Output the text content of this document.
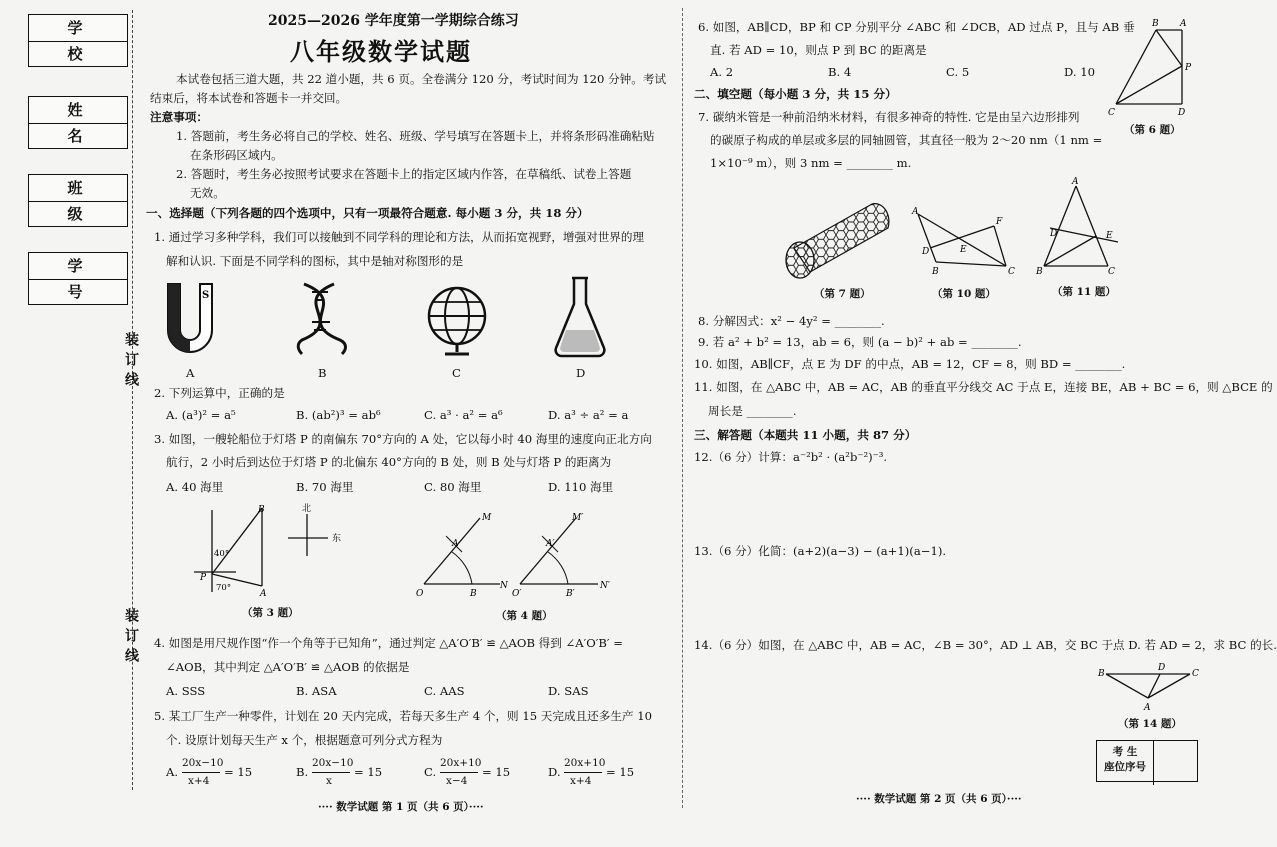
学 校
姓 名
班 级
学 号
装订线
装订线
2025—2026 学年度第一学期综合练习
八年级数学试题
本试卷包括三道大题，共 22 道小题，共 6 页。全卷满分 120 分，考试时间为 120 分钟。考试
结束后，将本试卷和答题卡一并交回。
注意事项：
1. 答题前，考生务必将自己的学校、姓名、班级、学号填写在答题卡上，并将条形码准确粘贴
在条形码区域内。
2. 答题时，考生务必按照考试要求在答题卡上的指定区域内作答，在草稿纸、试卷上答题
无效。
一、选择题（下列各题的四个选项中，只有一项最符合题意. 每小题 3 分，共 18 分）
1. 通过学习多种学科，我们可以接触到不同学科的理论和方法，从而拓宽视野，增强对世界的理
解和认识. 下面是不同学科的图标，其中是轴对称图形的是
S
A	B	C	D
2. 下列运算中，正确的是
A. (a³)² = a⁵	B. (ab²)³ = ab⁶	C. a³ · a² = a⁶	D. a³ ÷ a² = a
3. 如图，一艘轮船位于灯塔 P 的南偏东 70°方向的 A 处，它以每小时 40 海里的速度向正北方向
航行，2 小时后到达位于灯塔 P 的北偏东 40°方向的 B 处，则 B 处与灯塔 P 的距离为
A. 40 海里	B. 70 海里	C. 80 海里	D. 110 海里
B
P
A
40°
70°
北
东
（第 3 题）
M
A
O	B
N
M′
A′
O′	B′
N′
（第 4 题）
4. 如图是用尺规作图“作一个角等于已知角”，通过判定 △A′O′B′ ≌ △AOB 得到 ∠A′O′B′ =
∠AOB，其中判定 △A′O′B′ ≌ △AOB 的依据是
A. SSS	B. ASA	C. AAS	D. SAS
5. 某工厂生产一种零件，计划在 20 天内完成，若每天多生产 4 个，则 15 天完成且还多生产 10
个. 设原计划每天生产 x 个，根据题意可列分式方程为
A.
20x−10
x+4
= 15	B.
20x−10
x
= 15	C.
20x+10
x−4
= 15	D.
20x+10
x+4
= 15
···· 数学试题 第 1 页（共 6 页）····
6. 如图，AB∥CD，BP 和 CP 分别平分 ∠ABC 和 ∠DCB，AD 过点 P，且与 AB 垂
直. 若 AD = 10，则点 P 到 BC 的距离是
A. 2	B. 4	C. 5	D. 10
B A
P
C	D
（第 6 题）
二、填空题（每小题 3 分，共 15 分）
7. 碳纳米管是一种前沿纳米材料，有很多神奇的特性. 它是由呈六边形排列
的碳原子构成的单层或多层的同轴圆管，其直径一般为 2～20 nm（1 nm =
1×10⁻⁹ m），则 3 nm = ________ m.
（第 7 题）
A
F
D	E
B	C
（第 10 题）
A
D	E
B	C
（第 11 题）
8. 分解因式：x² − 4y² = ________.
9. 若 a² + b² = 13，ab = 6，则 (a − b)² + ab = ________.
10. 如图，AB∥CF，点 E 为 DF 的中点，AB = 12，CF = 8，则 BD = ________.
11. 如图，在 △ABC 中，AB = AC，AB 的垂直平分线交 AC 于点 E，连接 BE，AB + BC = 6，则 △BCE 的
周长是 ________.
三、解答题（本题共 11 小题，共 87 分）
12.（6 分）计算：a⁻²b² · (a²b⁻²)⁻³.
13.（6 分）化简：(a+2)(a−3) − (a+1)(a−1).
14.（6 分）如图，在 △ABC 中，AB = AC，∠B = 30°，AD ⊥ AB，交 BC 于点 D. 若 AD = 2，求 BC 的长.
B
D
C
A
（第 14 题）
考 生
座位序号
···· 数学试题 第 2 页（共 6 页）····
